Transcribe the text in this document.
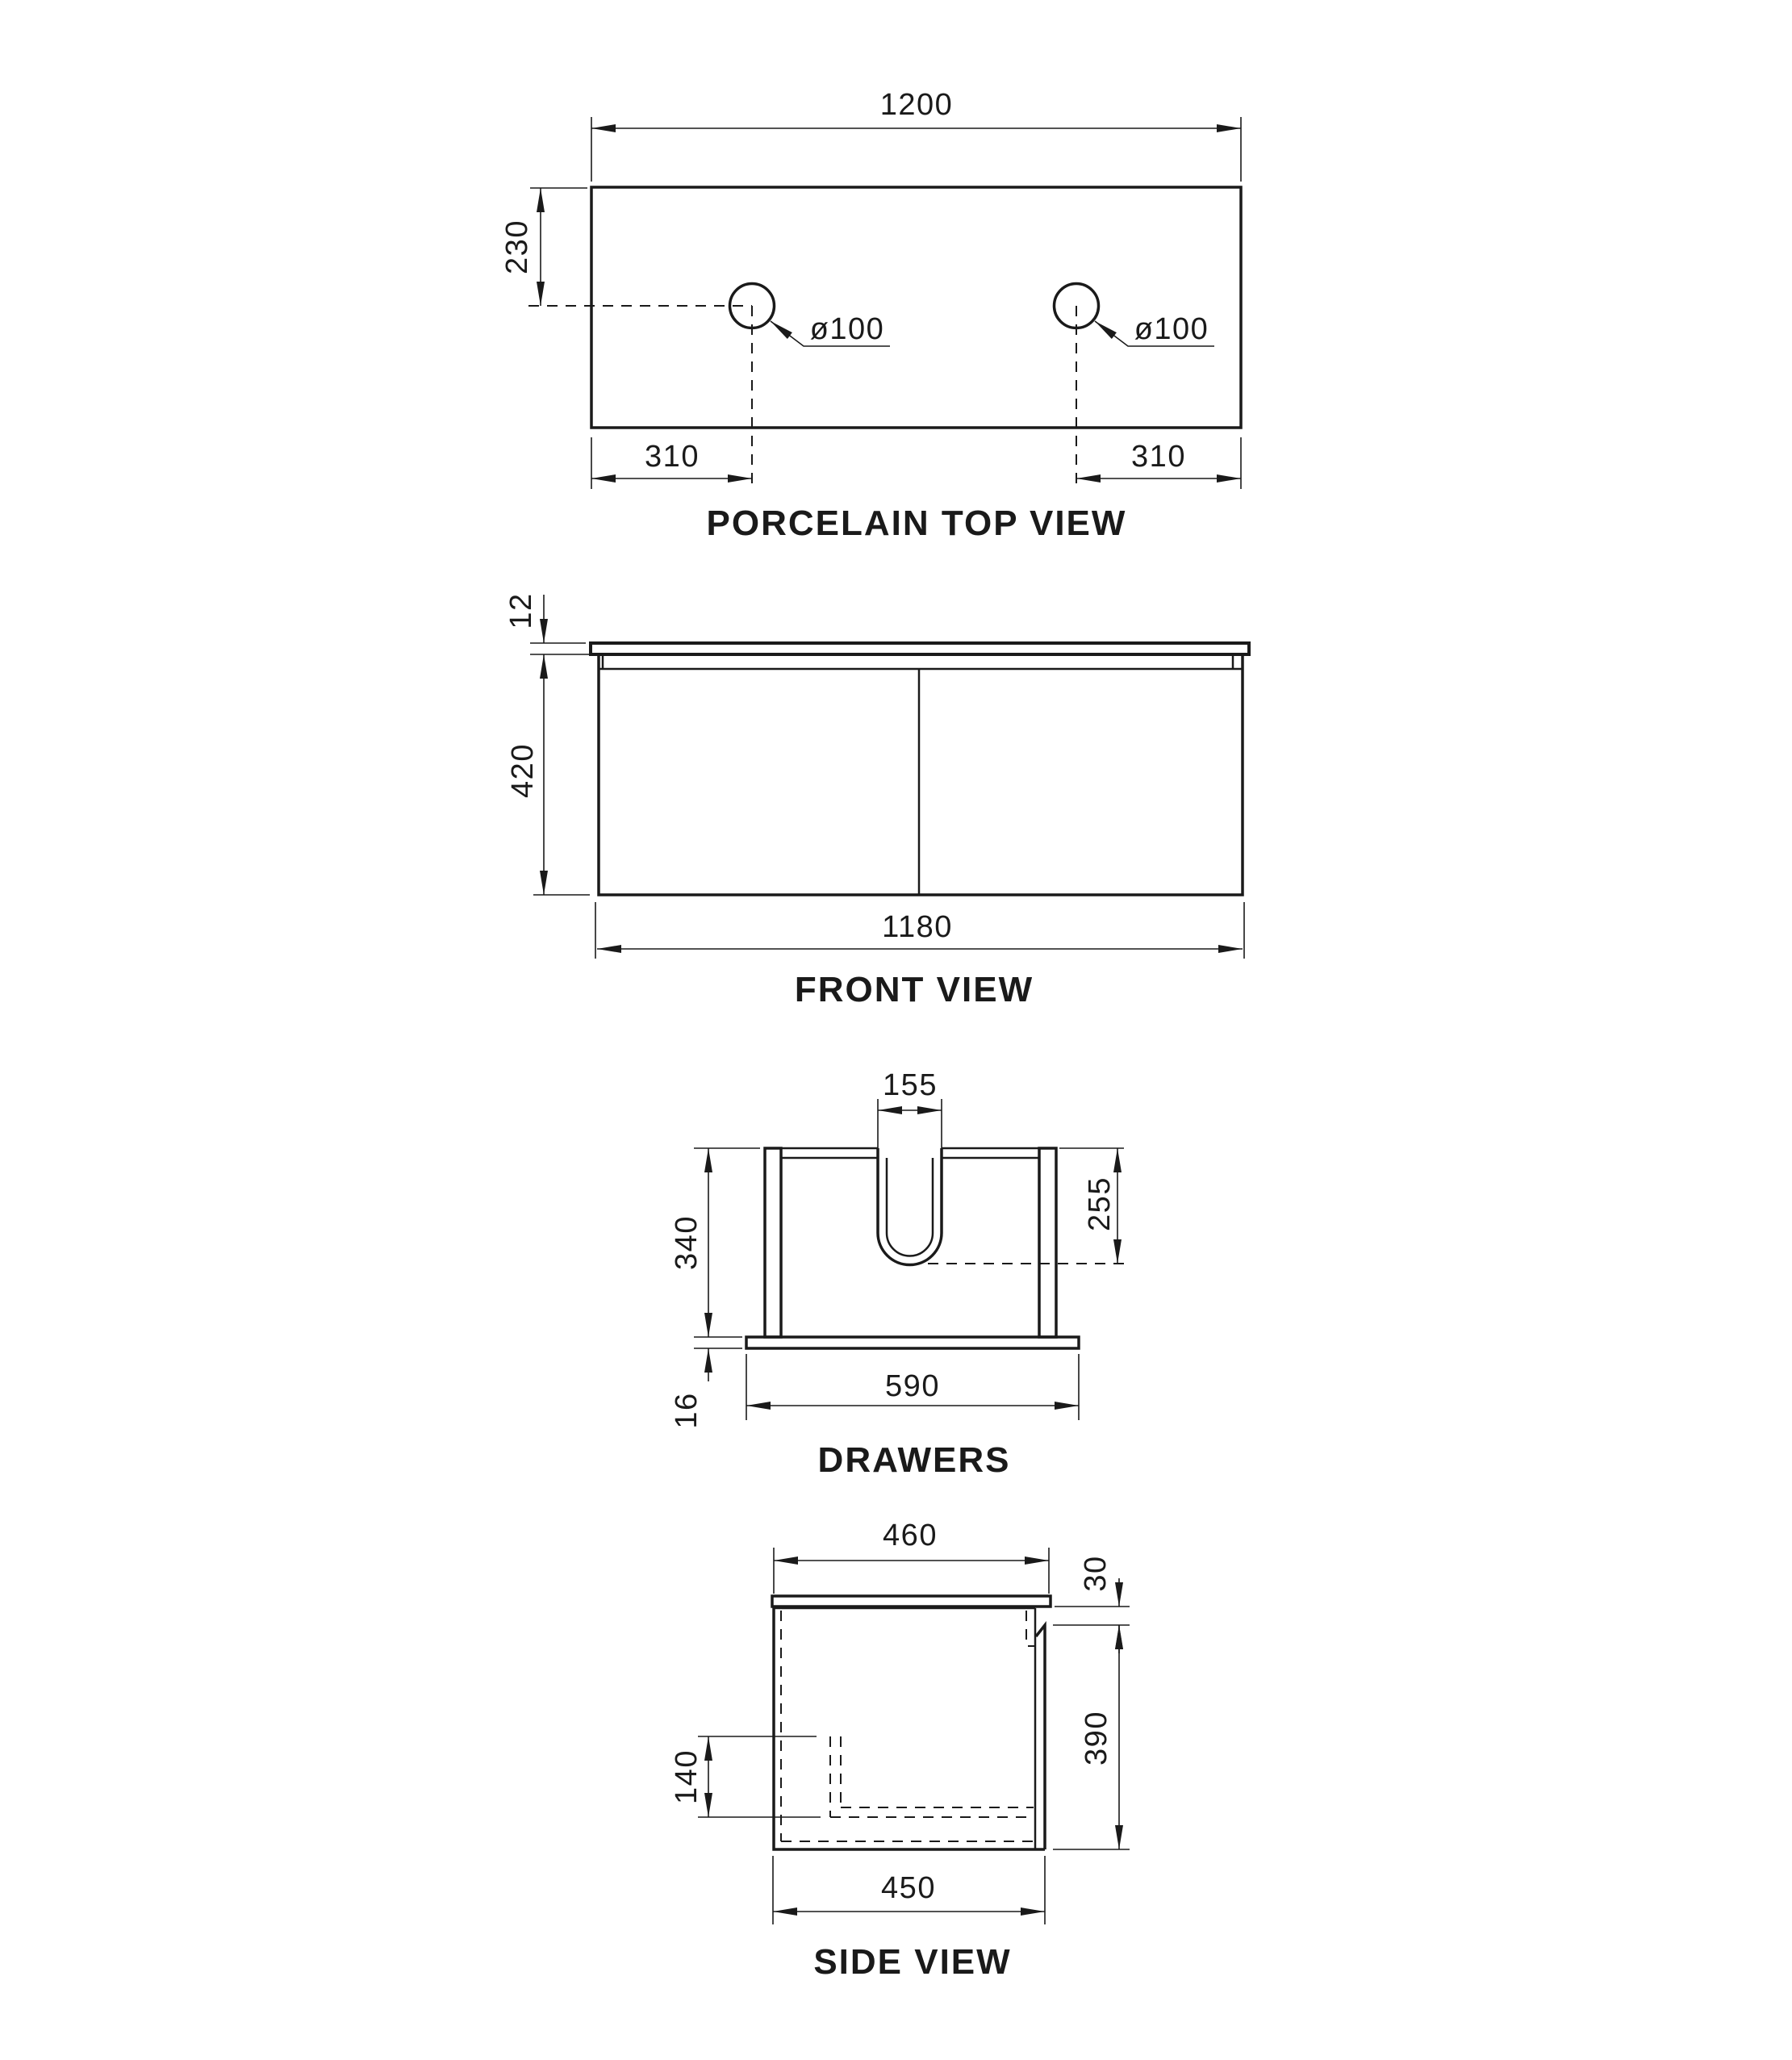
1200
230
310	310
ø100	ø100
PORCELAIN TOP VIEW
12
420
1180
FRONT VIEW
155
255
340
16
590
DRAWERS
460
30
390
140
450
SIDE VIEW
